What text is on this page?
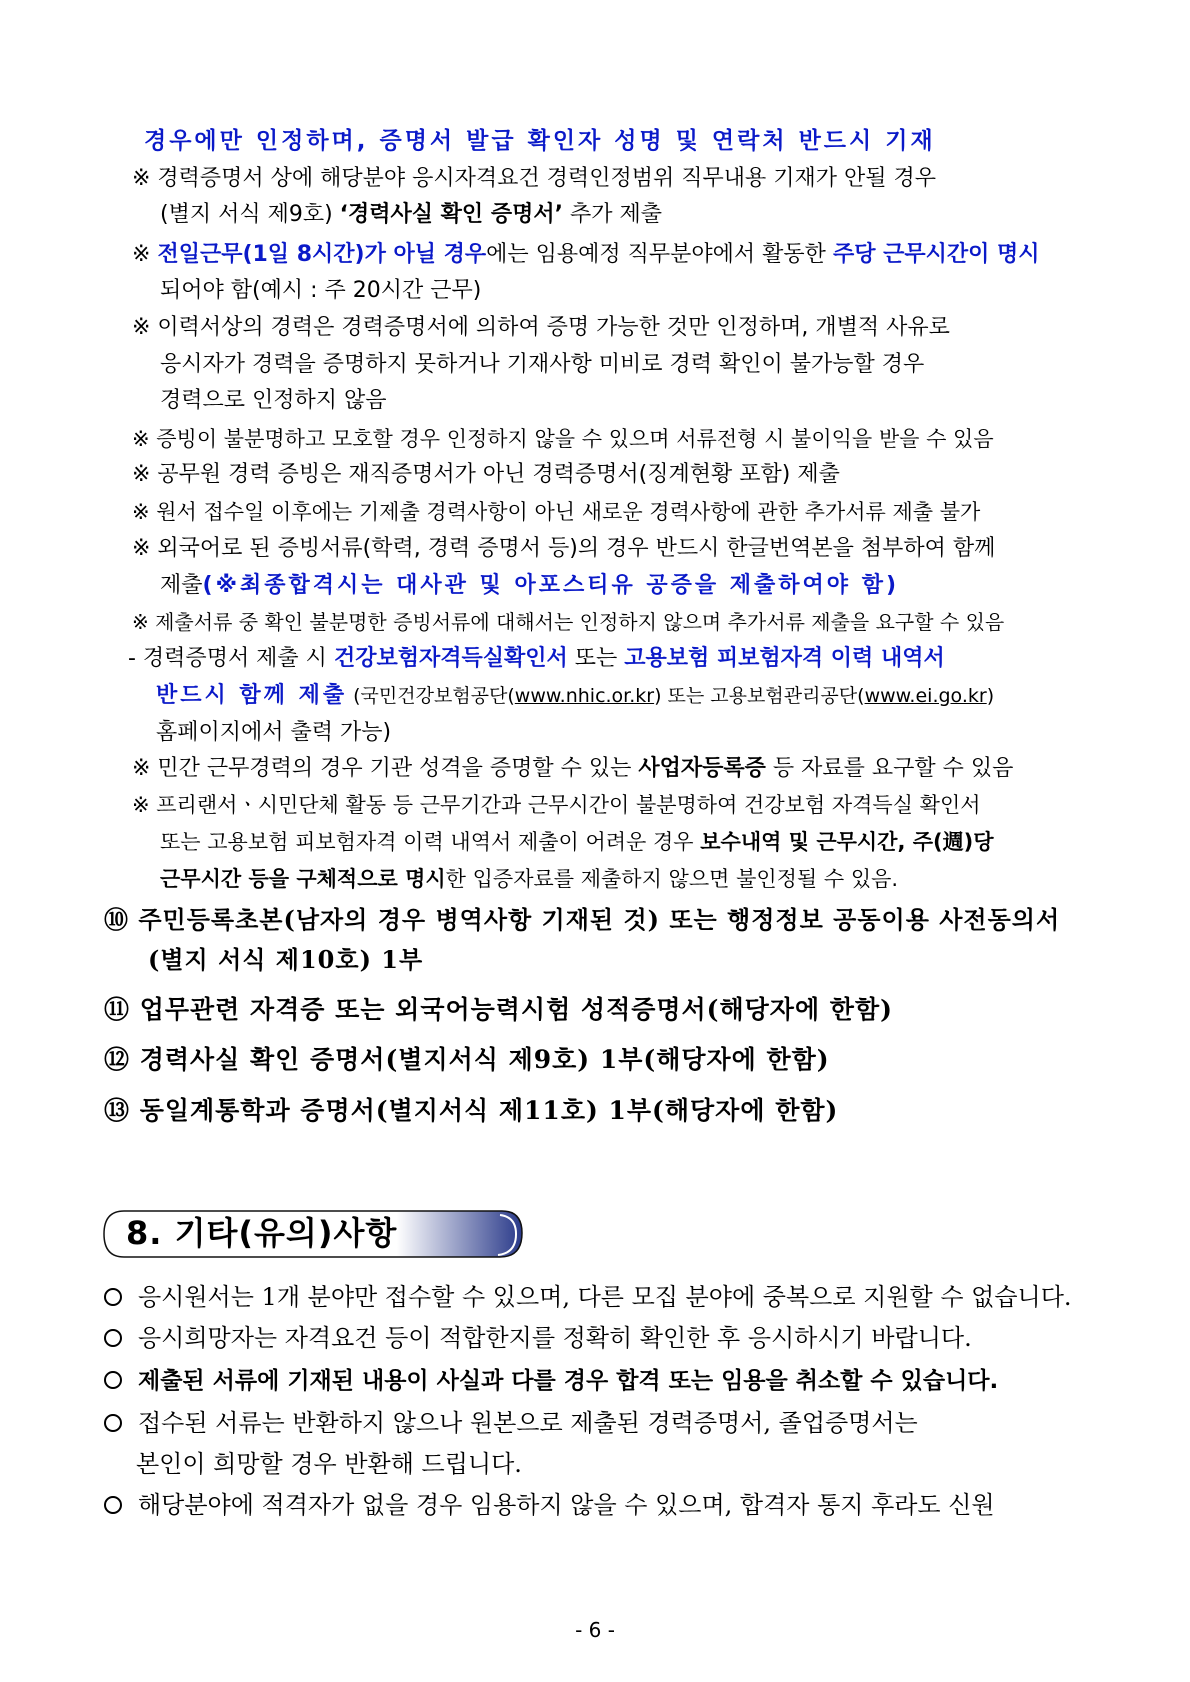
경우에만 인정하며, 증명서 발급 확인자 성명 및 연락처 반드시 기재
※ 경력증명서 상에 해당분야 응시자격요건 경력인정범위 직무내용 기재가 안될 경우
(별지 서식 제9호) ‘경력사실 확인 증명서’ 추가 제출
※ 전일근무(1일 8시간)가 아닐 경우에는 임용예정 직무분야에서 활동한 주당 근무시간이 명시
되어야 함(예시 : 주 20시간 근무)
※ 이력서상의 경력은 경력증명서에 의하여 증명 가능한 것만 인정하며, 개별적 사유로
응시자가 경력을 증명하지 못하거나 기재사항 미비로 경력 확인이 불가능할 경우
경력으로 인정하지 않음
※ 증빙이 불분명하고 모호할 경우 인정하지 않을 수 있으며 서류전형 시 불이익을 받을 수 있음
※ 공무원 경력 증빙은 재직증명서가 아닌 경력증명서(징계현황 포함) 제출
※ 원서 접수일 이후에는 기제출 경력사항이 아닌 새로운 경력사항에 관한 추가서류 제출 불가
※ 외국어로 된 증빙서류(학력, 경력 증명서 등)의 경우 반드시 한글번역본을 첨부하여 함께
제출(※최종합격시는 대사관 및 아포스티유 공증을 제출하여야 함)
※ 제출서류 중 확인 불분명한 증빙서류에 대해서는 인정하지 않으며 추가서류 제출을 요구할 수 있음
- 경력증명서 제출 시 건강보험자격득실확인서 또는 고용보험 피보험자격 이력 내역서
반드시 함께 제출 (국민건강보험공단(www.nhic.or.kr) 또는 고용보험관리공단(www.ei.go.kr)
홈페이지에서 출력 가능)
※ 민간 근무경력의 경우 기관 성격을 증명할 수 있는 사업자등록증 등 자료를 요구할 수 있음
※ 프리랜서ㆍ시민단체 활동 등 근무기간과 근무시간이 불분명하여 건강보험 자격득실 확인서
또는 고용보험 피보험자격 이력 내역서 제출이 어려운 경우 보수내역 및 근무시간, 주(週)당
근무시간 등을 구체적으로 명시한 입증자료를 제출하지 않으면 불인정될 수 있음.
⑩ 주민등록초본(남자의 경우 병역사항 기재된 것) 또는 행정정보 공동이용 사전동의서
(별지 서식 제10호) 1부
⑪ 업무관련 자격증 또는 외국어능력시험 성적증명서(해당자에 한함)
⑫ 경력사실 확인 증명서(별지서식 제9호) 1부(해당자에 한함)
⑬ 동일계통학과 증명서(별지서식 제11호) 1부(해당자에 한함)
8. 기타(유의)사항
응시원서는 1개 분야만 접수할 수 있으며, 다른 모집 분야에 중복으로 지원할 수 없습니다.
응시희망자는 자격요건 등이 적합한지를 정확히 확인한 후 응시하시기 바랍니다.
제출된 서류에 기재된 내용이 사실과 다를 경우 합격 또는 임용을 취소할 수 있습니다.
접수된 서류는 반환하지 않으나 원본으로 제출된 경력증명서, 졸업증명서는
본인이 희망할 경우 반환해 드립니다.
해당분야에 적격자가 없을 경우 임용하지 않을 수 있으며, 합격자 통지 후라도 신원
- 6 -
